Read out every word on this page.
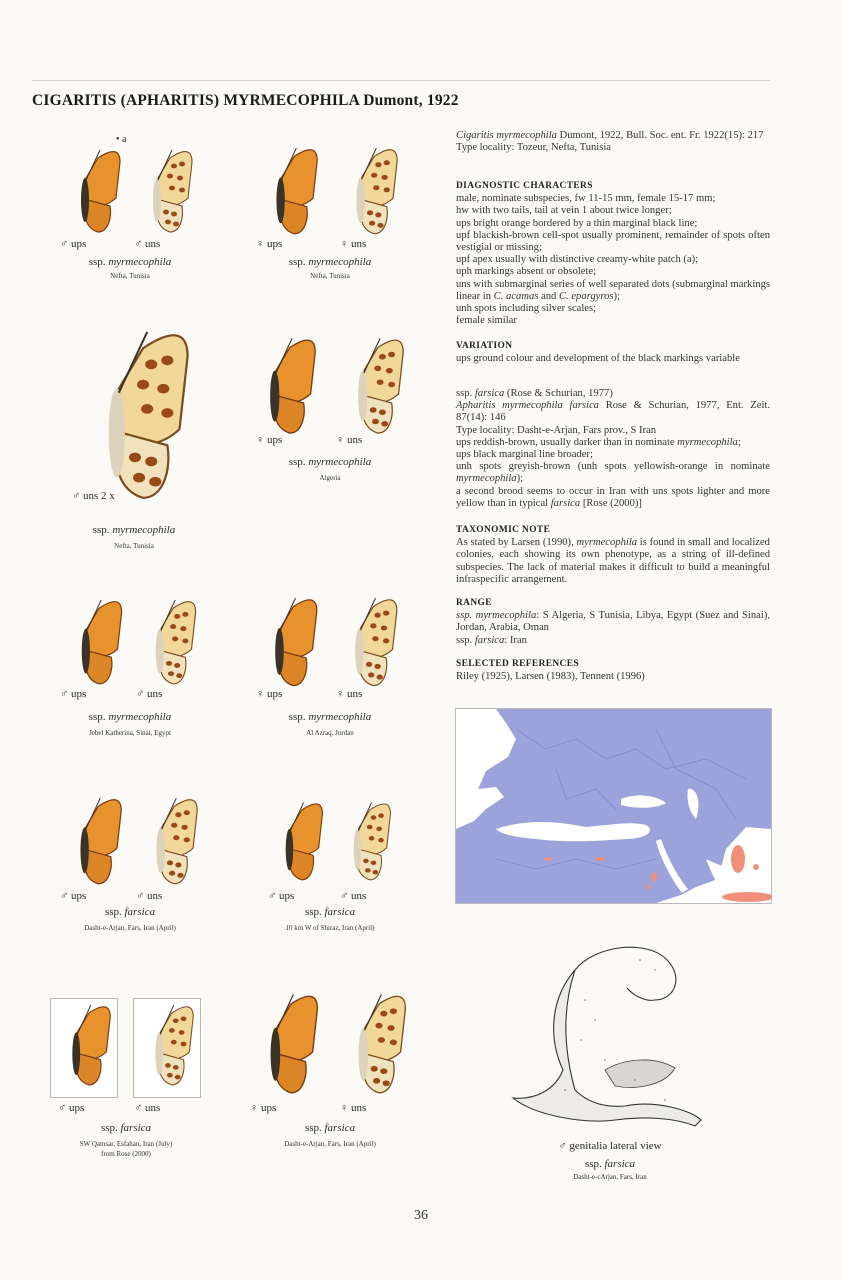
CIGARITIS (APHARITIS) MYRMECOPHILA Dumont, 1922
• a
♂ ups	♂ uns
ssp. myrmecophila
Nefta, Tunisia
♀ ups	♀ uns
ssp. myrmecophila
Nefta, Tunisia
♂ uns 2 x
ssp. myrmecophila
Nefta, Tunisia
♀ ups	♀ uns
ssp. myrmecophila
Algeria
♂ ups	♂ uns
ssp. myrmecophila
Jebel Katherina, Sinai, Egypt
♀ ups	♀ uns
ssp. myrmecophila
Al Azraq, Jordan
♂ ups	♂ uns
ssp. farsica
Dasht-e-Arjan, Fars, Iran (April)
♂ ups	♂ uns
ssp. farsica
10 km W of Shiraz, Iran (April)
♂ ups	♂ uns
ssp. farsica
SW Qamsar, Esfahan, Iran (July)
from Rose (2000)
♀ ups	♀ uns
ssp. farsica
Dasht-e-Arjan, Fars, Iran (April)

Cigaritis myrmecophila Dumont, 1922, Bull. Soc. ent. Fr. 1922(15): 217

Type locality: Tozeur, Nefta, Tunisia

DIAGNOSTIC CHARACTERS

male, nominate subspecies, fw 11-15 mm, female 15-17 mm;

hw with two tails, tail at vein 1 about twice longer;

ups bright orange bordered by a thin marginal black line;

upf blackish-brown cell-spot usually prominent, remainder of spots often vestigial or missing;

upf apex usually with distinctive creamy-white patch (a);

uph markings absent or obsolete;

uns with submarginal series of well separated dots (submarginal markings linear in C. acamas and C. epargyros);

unh spots including silver scales;

female similar

VARIATION

ups ground colour and development of the black markings variable

ssp. farsica (Rose & Schurian, 1977)

Apharitis myrmecophila farsica Rose & Schurian, 1977, Ent. Zeit. 87(14): 146

Type locality: Dasht-e-Arjan, Fars prov., S Iran

ups reddish-brown, usually darker than in nominate myrmecophila;

ups black marginal line broader;

unh spots greyish-brown (unh spots yellowish-orange in nominate myrmecophila);

a second brood seems to occur in Iran with uns spots lighter and more yellow than in typical farsica [Rose (2000)]

TAXONOMIC NOTE

As stated by Larsen (1990), myrmecophila is found in small and localized colonies, each showing its own phenotype, as a string of ill-defined subspecies. The lack of material makes it difficult to build a meaningful infraspecific arrangement.

RANGE

ssp. myrmecophila: S Algeria, S Tunisia, Libya, Egypt (Suez and Sinai), Jordan, Arabia, Oman

ssp. farsica: Iran

SELECTED REFERENCES

Riley (1925), Larsen (1983), Tennent (1996)

♂ genitalia lateral view
ssp. farsica
Dasht-e-cArjan, Fars, Iran
36
